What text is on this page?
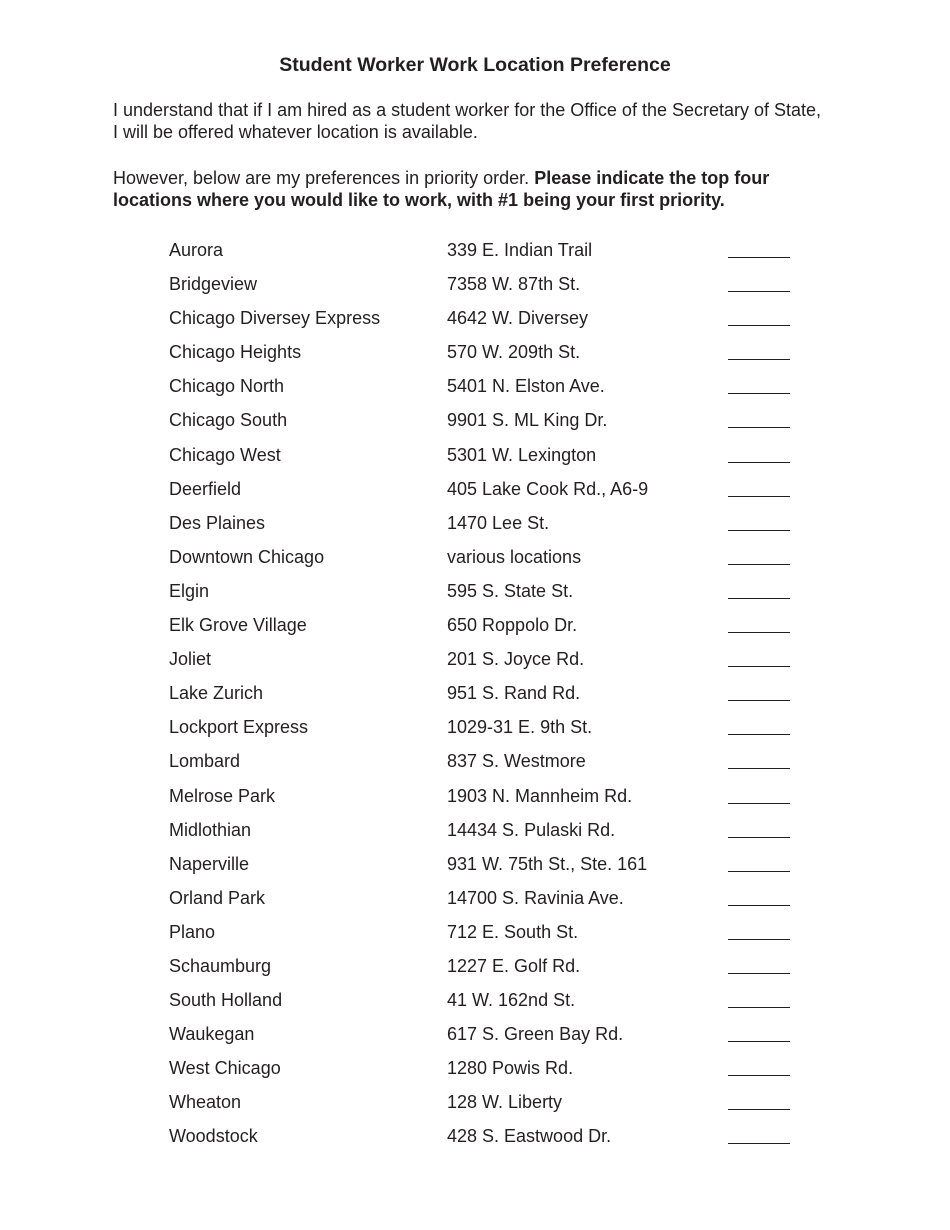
Student Worker Work Location Preference

I understand that if I am hired as a student worker for the Office of the Secretary of State, I will be offered whatever location is available.

However, below are my preferences in priority order. Please indicate the top four locations where you would like to work, with #1 being your first priority.

Aurora	339 E. Indian Trail
Bridgeview	7358 W. 87th St.
Chicago Diversey Express	4642 W. Diversey
Chicago Heights	570 W. 209th St.
Chicago North	5401 N. Elston Ave.
Chicago South	9901 S. ML King Dr.
Chicago West	5301 W. Lexington
Deerfield	405 Lake Cook Rd., A6-9
Des Plaines	1470 Lee St.
Downtown Chicago	various locations
Elgin	595 S. State St.
Elk Grove Village	650 Roppolo Dr.
Joliet	201 S. Joyce Rd.
Lake Zurich	951 S. Rand Rd.
Lockport Express	1029-31 E. 9th St.
Lombard	837 S. Westmore
Melrose Park	1903 N. Mannheim Rd.
Midlothian	14434 S. Pulaski Rd.
Naperville	931 W. 75th St., Ste. 161
Orland Park	14700 S. Ravinia Ave.
Plano	712 E. South St.
Schaumburg	1227 E. Golf Rd.
South Holland	41 W. 162nd St.
Waukegan	617 S. Green Bay Rd.
West Chicago	1280 Powis Rd.
Wheaton	128 W. Liberty
Woodstock	428 S. Eastwood Dr.
